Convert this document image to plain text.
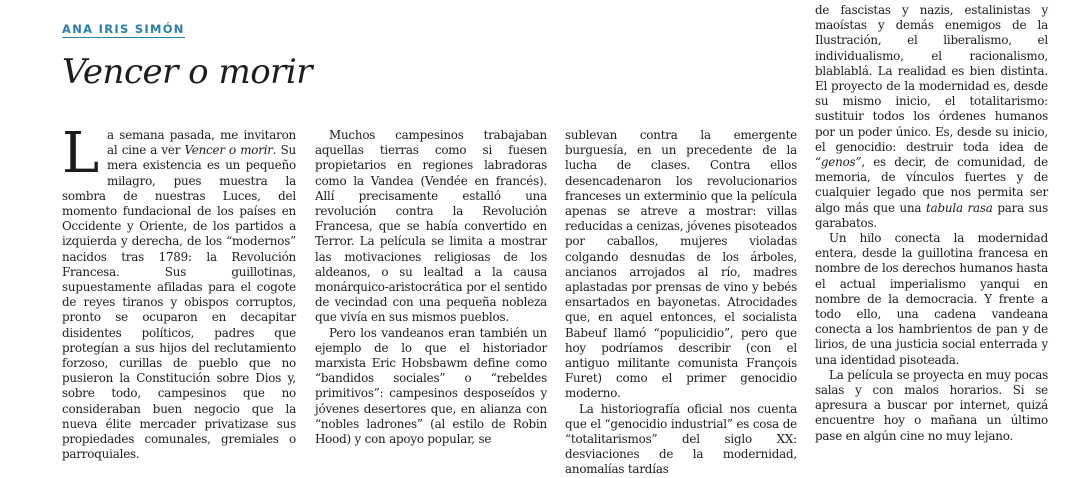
ANA IRIS SIMÓN
Vencer o morir

La semana pasada, me invitaron al cine a ver Vencer o morir. Su mera existencia es un pequeño milagro, pues muestra la sombra de nuestras Luces, del momento fundacional de los países en Occidente y Oriente, de los partidos a izquierda y derecha, de los “modernos” nacidos tras 1789: la Revolución Francesa. Sus guillotinas, supuestamente afiladas para el cogote de reyes tiranos y obispos corruptos, pronto se ocuparon en decapitar disidentes políticos, padres que protegían a sus hijos del reclutamiento forzoso, curillas de pueblo que no pusieron la Constitución sobre Dios y, sobre todo, campesinos que no consideraban buen negocio que la nueva élite mercader privatizase sus propiedades comunales, gremiales o parroquiales.

Muchos campesinos trabajaban aquellas tierras como si fuesen propietarios en regiones labradoras como la Vandea (Vendée en francés). Allí precisamente estalló una revolución contra la Revolución Francesa, que se había convertido en Terror. La película se limita a mostrar las motivaciones religiosas de los aldeanos, o su lealtad a la causa monárquico-aristocrática por el sentido de vecindad con una pequeña nobleza que vivía en sus mismos pueblos.

Pero los vandeanos eran también un ejemplo de lo que el historiador marxista Eric Hobsbawm define como “bandidos sociales” o “rebeldes primitivos”: campesinos desposeídos y jóvenes desertores que, en alianza con “nobles ladrones” (al estilo de Robin Hood) y con apoyo popular, se

sublevan contra la emergente burguesía, en un precedente de la lucha de clases. Contra ellos desencadenaron los revolucionarios franceses un exterminio que la película apenas se atreve a mostrar: villas reducidas a cenizas, jóvenes pisoteados por caballos, mujeres violadas colgando desnudas de los árboles, ancianos arrojados al río, madres aplastadas por prensas de vino y bebés ensartados en bayonetas. Atrocidades que, en aquel entonces, el socialista Babeuf llamó “populicidio”, pero que hoy podríamos describir (con el antiguo militante comunista François Furet) como el primer genocidio moderno.

La historiografía oficial nos cuenta que el “genocidio industrial” es cosa de “totalitarismos” del siglo XX: desviaciones de la modernidad, anomalías tardías

de fascistas y nazis, estalinistas y maoístas y demás enemigos de la Ilustración, el liberalismo, el individualismo, el racionalismo, blablablá. La realidad es bien distinta. El proyecto de la modernidad es, desde su mismo inicio, el totalitarismo: sustituir todos los órdenes humanos por un poder único. Es, desde su inicio, el genocidio: destruir toda idea de “genos”, es decir, de comunidad, de memoria, de vínculos fuertes y de cualquier legado que nos permita ser algo más que una tabula rasa para sus garabatos.

Un hilo conecta la modernidad entera, desde la guillotina francesa en nombre de los derechos humanos hasta el actual imperialismo yanqui en nombre de la democracia. Y frente a todo ello, una cadena vandeana conecta a los hambrientos de pan y de lirios, de una justicia social enterrada y una identidad pisoteada.

La película se proyecta en muy pocas salas y con malos horarios. Si se apresura a buscar por internet, quizá encuentre hoy o mañana un último pase en algún cine no muy lejano.
